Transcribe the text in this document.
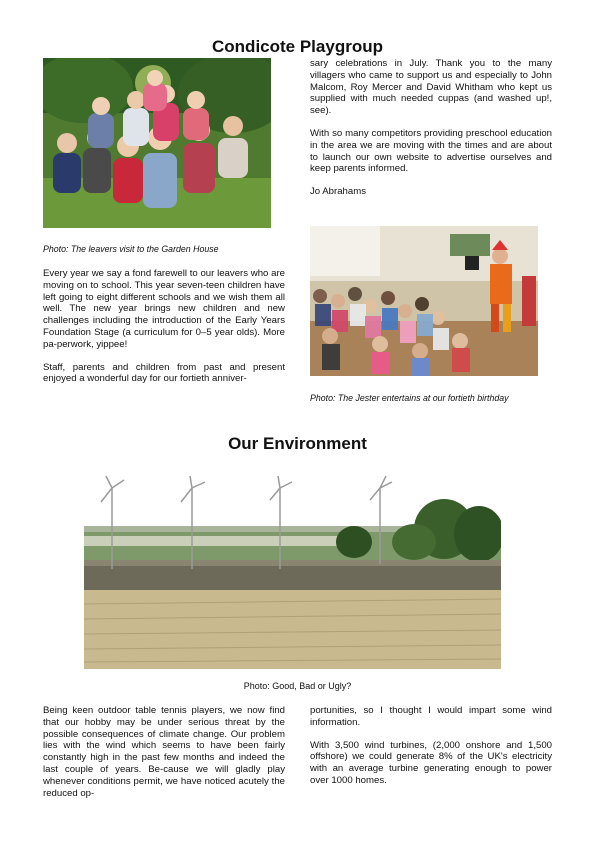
Condicote Playgroup
Photo: The leavers visit to the Garden House

Every year we say a fond farewell to our leavers who are moving on to school. This year seven-teen children have left going to eight different schools and we wish them all well. The new year brings new children and new challenges including the introduction of the Early Years Foundation Stage (a curriculum for 0–5 year olds). More pa-perwork, yippee!

Staff, parents and children from past and present enjoyed a wonderful day for our fortieth anniver-

sary celebrations in July. Thank you to the many villagers who came to support us and especially to John Malcom, Roy Mercer and David Whitham who kept us supplied with much needed cuppas (and washed up!, see).

With so many competitors providing preschool education in the area we are moving with the times and are about to launch our own website to advertise ourselves and keep parents informed.

Jo Abrahams

Photo: The Jester entertains at our fortieth birthday
Our Environment
Photo: Good, Bad or Ugly?

Being keen outdoor table tennis players, we now find that our hobby may be under serious threat by the possible consequences of climate change. Our problem lies with the wind which seems to have been fairly constantly high in the past few months and indeed the last couple of years. Be-cause we will gladly play whenever conditions permit, we have noticed acutely the reduced op-

portunities, so I thought I would impart some wind information.

With 3,500 wind turbines, (2,000 onshore and 1,500 offshore) we could generate 8% of the UK's electricity with an average turbine generating enough to power over 1000 homes.
